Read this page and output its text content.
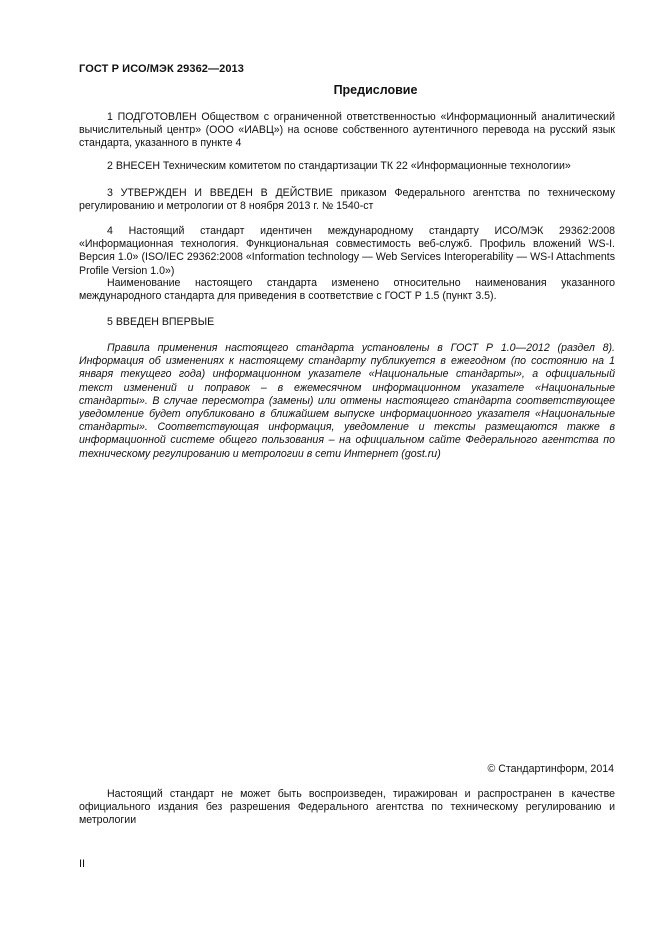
ГОСТ Р ИСО/МЭК 29362—2013
Предисловие

1 ПОДГОТОВЛЕН Обществом с ограниченной ответственностью «Информационный аналитический вычислительный центр» (ООО «ИАВЦ») на основе собственного аутентичного перевода на русский язык стандарта, указанного в пункте 4

2 ВНЕСЕН Техническим комитетом по стандартизации ТК 22 «Информационные технологии»

3 УТВЕРЖДЕН И ВВЕДЕН В ДЕЙСТВИЕ приказом Федерального агентства по техническому регулированию и метрологии от 8 ноября 2013 г. № 1540-ст

4 Настоящий стандарт идентичен международному стандарту ИСО/МЭК 29362:2008 «Информационная технология. Функциональная совместимость веб-служб. Профиль вложений WS-I. Версия 1.0» (ISO/IEC 29362:2008 «Information technology — Web Services Interoperability — WS-I Attachments Profile Version 1.0»)

Наименование настоящего стандарта изменено относительно наименования указанного международного стандарта для приведения в соответствие с ГОСТ Р 1.5 (пункт 3.5).

5 ВВЕДЕН ВПЕРВЫЕ

Правила применения настоящего стандарта установлены в ГОСТ Р 1.0—2012 (раздел 8). Информация об изменениях к настоящему стандарту публикуется в ежегодном (по состоянию на 1 января текущего года) информационном указателе «Национальные стандарты», а официальный текст изменений и поправок – в ежемесячном информационном указателе «Национальные стандарты». В случае пересмотра (замены) или отмены настоящего стандарта соответствующее уведомление будет опубликовано в ближайшем выпуске информационного указателя «Национальные стандарты». Соответствующая информация, уведомление и тексты размещаются также в информационной системе общего пользования – на официальном сайте Федерального агентства по техническому регулированию и метрологии в сети Интернет (gost.ru)

© Стандартинформ, 2014

Настоящий стандарт не может быть воспроизведен, тиражирован и распространен в качестве официального издания без разрешения Федерального агентства по техническому регулированию и метрологии

II
